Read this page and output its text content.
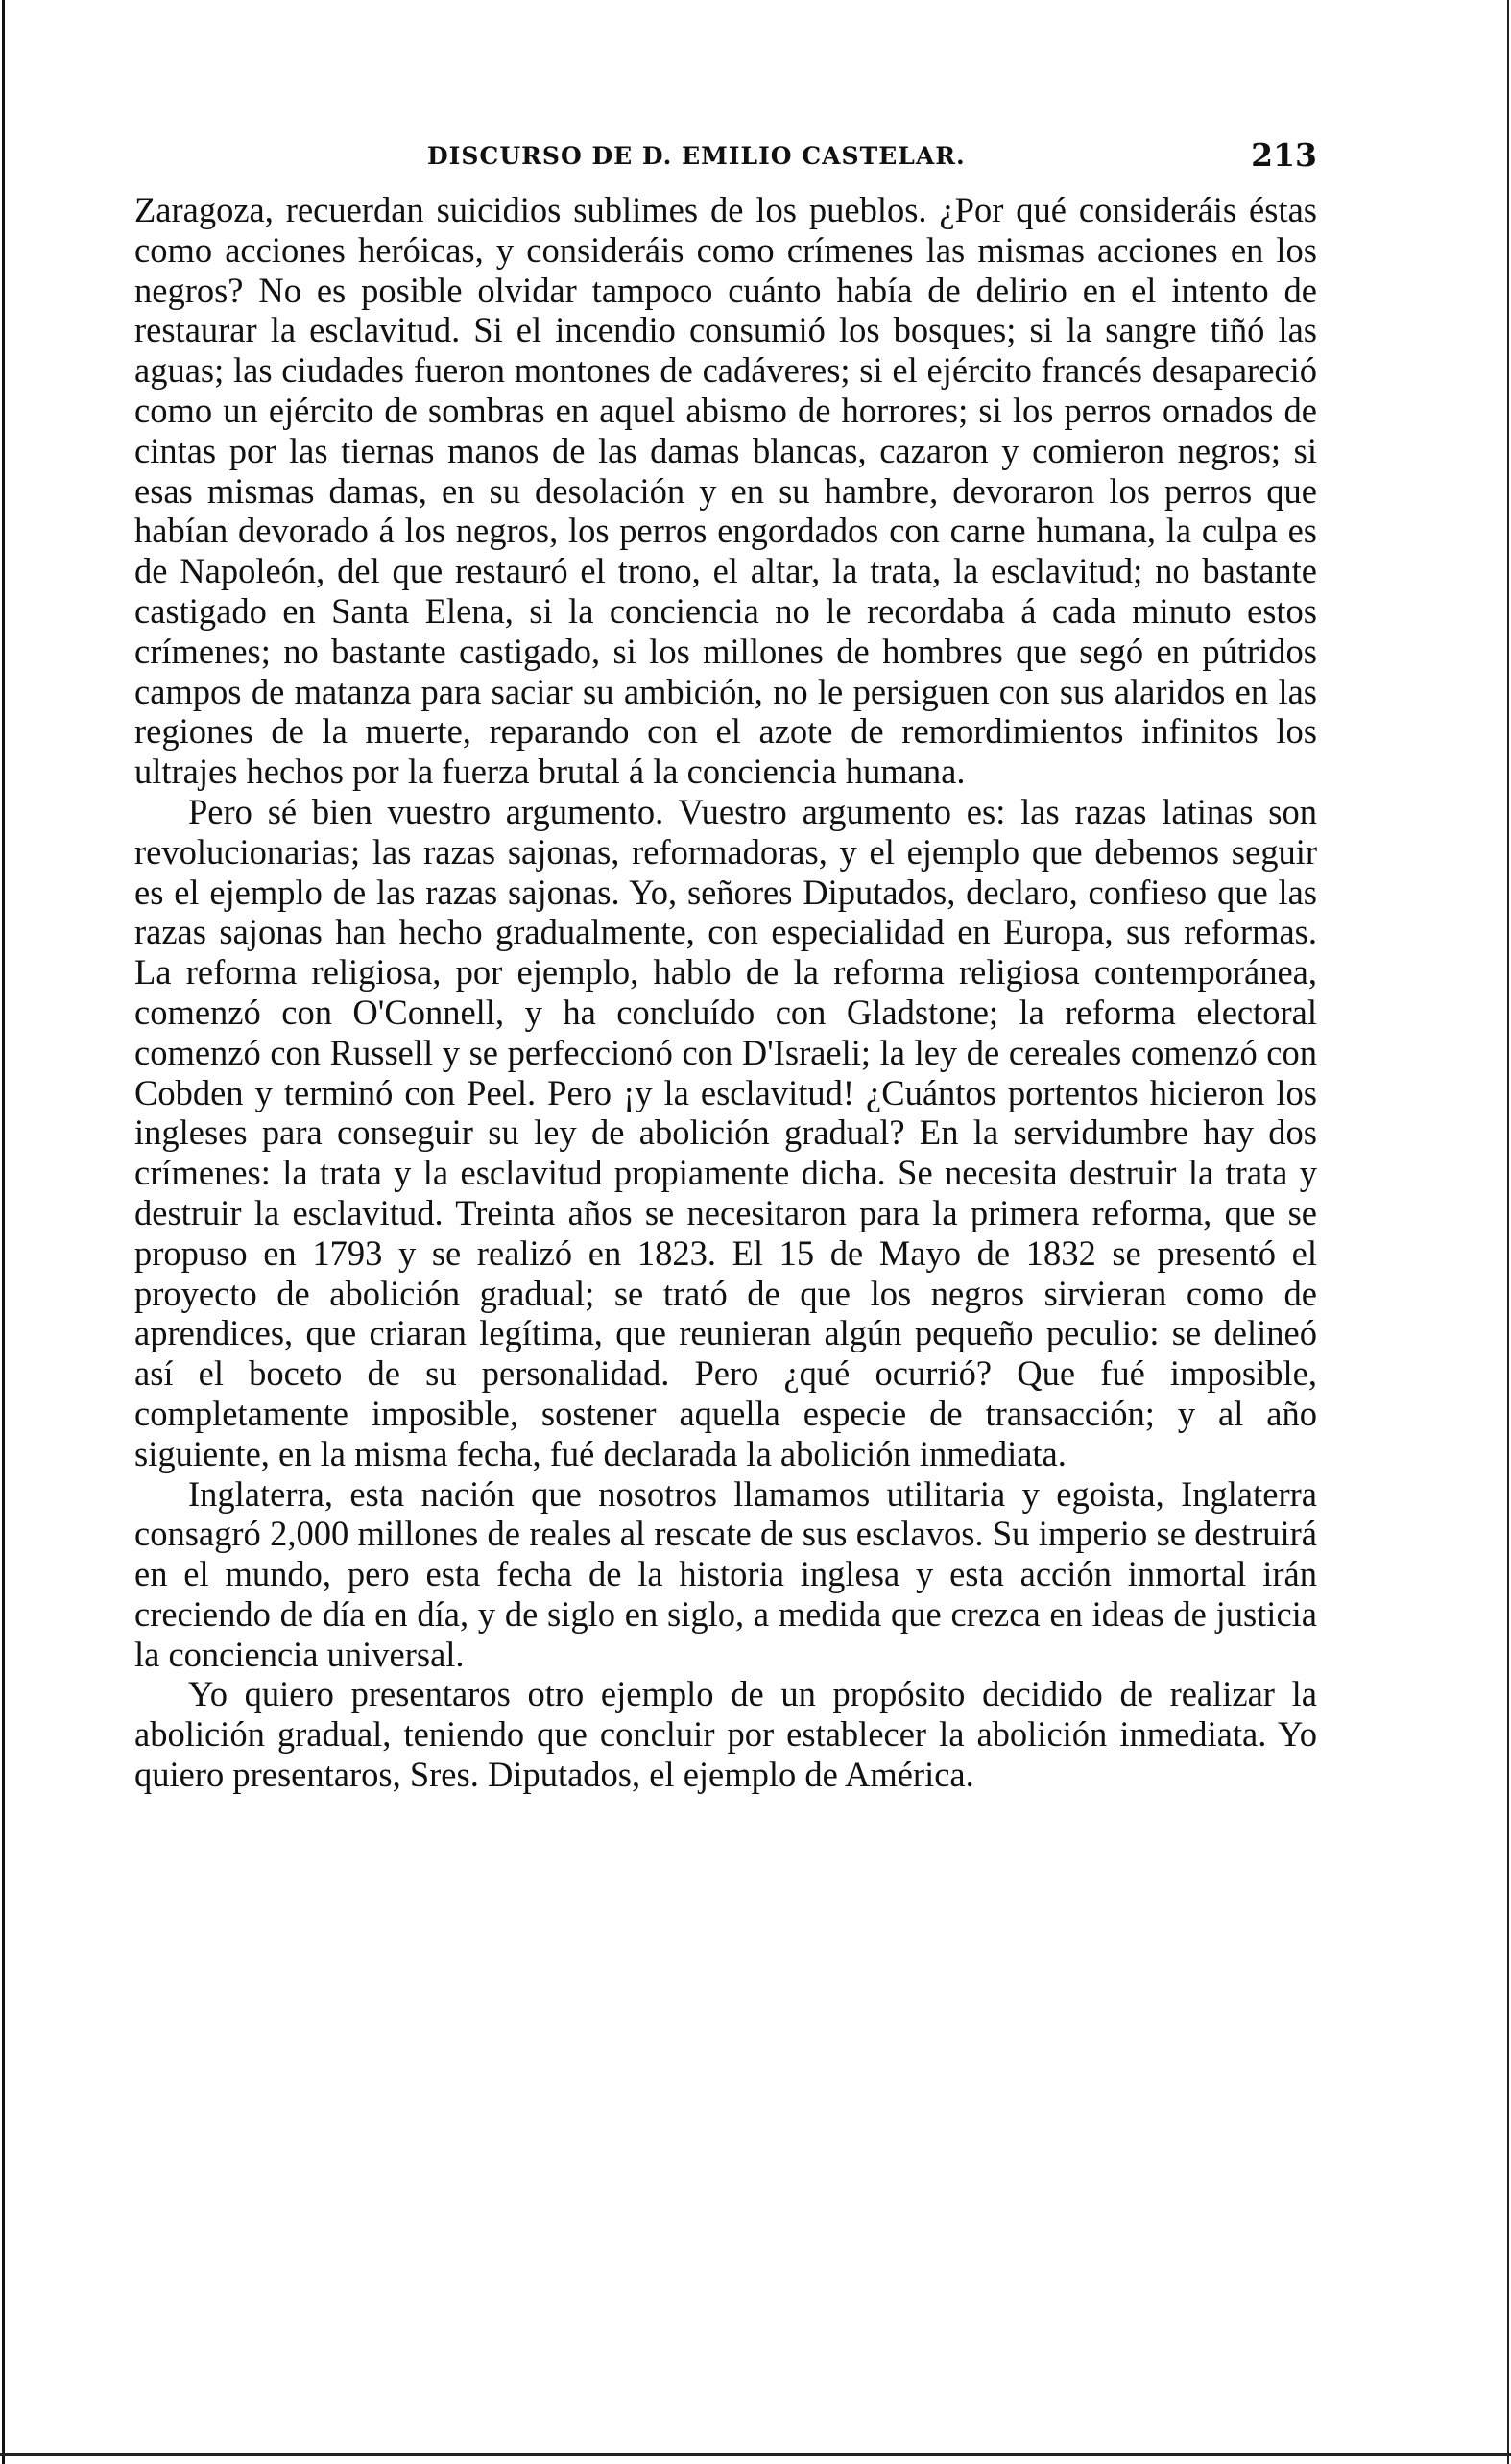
DISCURSO DE D. EMILIO CASTELAR.	213

Zaragoza, recuerdan suicidios sublimes de los pueblos. ¿Por qué consideráis éstas como acciones heróicas, y consideráis como crímenes las mismas acciones en los negros? No es posible olvidar tampoco cuánto había de delirio en el intento de restaurar la esclavitud. Si el incendio consumió los bosques; si la sangre tiñó las aguas; las ciudades fueron montones de cadáveres; si el ejército francés desapareció como un ejército de sombras en aquel abismo de horrores; si los perros ornados de cintas por las tiernas manos de las damas blancas, cazaron y comieron negros; si esas mismas damas, en su desolación y en su hambre, devoraron los perros que habían devorado á los negros, los perros engordados con carne humana, la culpa es de Napoleón, del que restauró el trono, el altar, la trata, la esclavitud; no bastante castigado en Santa Elena, si la conciencia no le recordaba á cada minuto estos crímenes; no bastante castigado, si los millones de hombres que segó en pútridos campos de matanza para saciar su ambición, no le persiguen con sus alaridos en las regiones de la muerte, reparando con el azote de remordimientos infinitos los ultrajes hechos por la fuerza brutal á la conciencia humana.

Pero sé bien vuestro argumento. Vuestro argumento es: las razas latinas son revolucionarias; las razas sajonas, reformadoras, y el ejemplo que debemos seguir es el ejemplo de las razas sajonas. Yo, señores Diputados, declaro, confieso que las razas sajonas han hecho gradualmente, con especialidad en Europa, sus reformas. La reforma religiosa, por ejemplo, hablo de la reforma religiosa contemporánea, comenzó con O'Connell, y ha concluído con Gladstone; la reforma electoral comenzó con Russell y se perfeccionó con D'Israeli; la ley de cereales comenzó con Cobden y terminó con Peel. Pero ¡y la esclavitud! ¿Cuántos portentos hicieron los ingleses para conseguir su ley de abolición gradual? En la servidumbre hay dos crímenes: la trata y la esclavitud propiamente dicha. Se necesita destruir la trata y destruir la esclavitud. Treinta años se necesitaron para la primera reforma, que se propuso en 1793 y se realizó en 1823. El 15 de Mayo de 1832 se presentó el proyecto de abolición gradual; se trató de que los negros sirvieran como de aprendices, que criaran legítima, que reunieran algún pequeño peculio: se delineó así el boceto de su personalidad. Pero ¿qué ocurrió? Que fué imposible, completamente imposible, sostener aquella especie de transacción; y al año siguiente, en la misma fecha, fué declarada la abolición inmediata.

Inglaterra, esta nación que nosotros llamamos utilitaria y egoista, Inglaterra consagró 2,000 millones de reales al rescate de sus esclavos. Su imperio se destruirá en el mundo, pero esta fecha de la historia inglesa y esta acción inmortal irán creciendo de día en día, y de siglo en siglo, a medida que crezca en ideas de justicia la conciencia universal.

Yo quiero presentaros otro ejemplo de un propósito decidido de realizar la abolición gradual, teniendo que concluir por establecer la abolición inmediata. Yo quiero presentaros, Sres. Diputados, el ejemplo de América.
